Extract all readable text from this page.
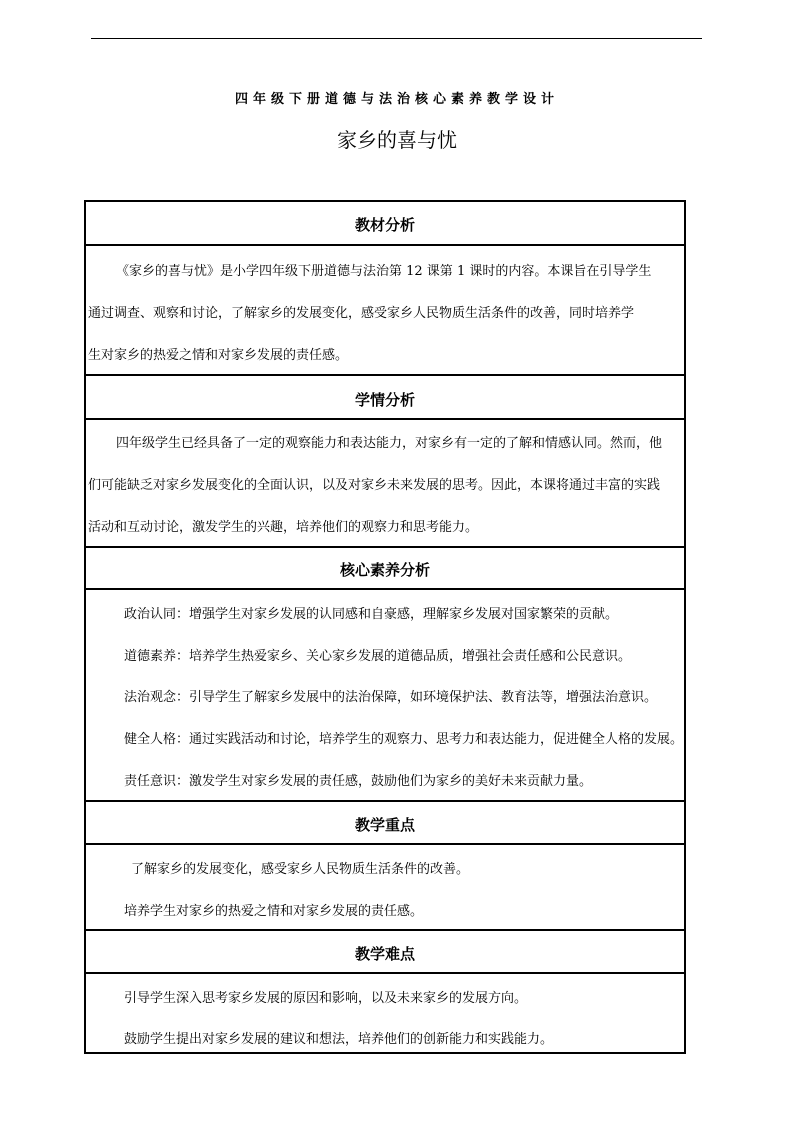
四年级下册道德与法治核心素养教学设计
家乡的喜与忧
教材分析
《家乡的喜与忧》是小学四年级下册道德与法治第 12 课第 1 课时的内容。本课旨在引导学生
通过调查、观察和讨论，了解家乡的发展变化，感受家乡人民物质生活条件的改善，同时培养学
生对家乡的热爱之情和对家乡发展的责任感。
学情分析
四年级学生已经具备了一定的观察能力和表达能力，对家乡有一定的了解和情感认同。然而，他
们可能缺乏对家乡发展变化的全面认识，以及对家乡未来发展的思考。因此，本课将通过丰富的实践
活动和互动讨论，激发学生的兴趣，培养他们的观察力和思考能力。
核心素养分析
政治认同：增强学生对家乡发展的认同感和自豪感，理解家乡发展对国家繁荣的贡献。
道德素养：培养学生热爱家乡、关心家乡发展的道德品质，增强社会责任感和公民意识。
法治观念：引导学生了解家乡发展中的法治保障，如环境保护法、教育法等，增强法治意识。
健全人格：通过实践活动和讨论，培养学生的观察力、思考力和表达能力，促进健全人格的发展。
责任意识：激发学生对家乡发展的责任感，鼓励他们为家乡的美好未来贡献力量。
教学重点
了解家乡的发展变化，感受家乡人民物质生活条件的改善。
培养学生对家乡的热爱之情和对家乡发展的责任感。
教学难点
引导学生深入思考家乡发展的原因和影响，以及未来家乡的发展方向。
鼓励学生提出对家乡发展的建议和想法，培养他们的创新能力和实践能力。
